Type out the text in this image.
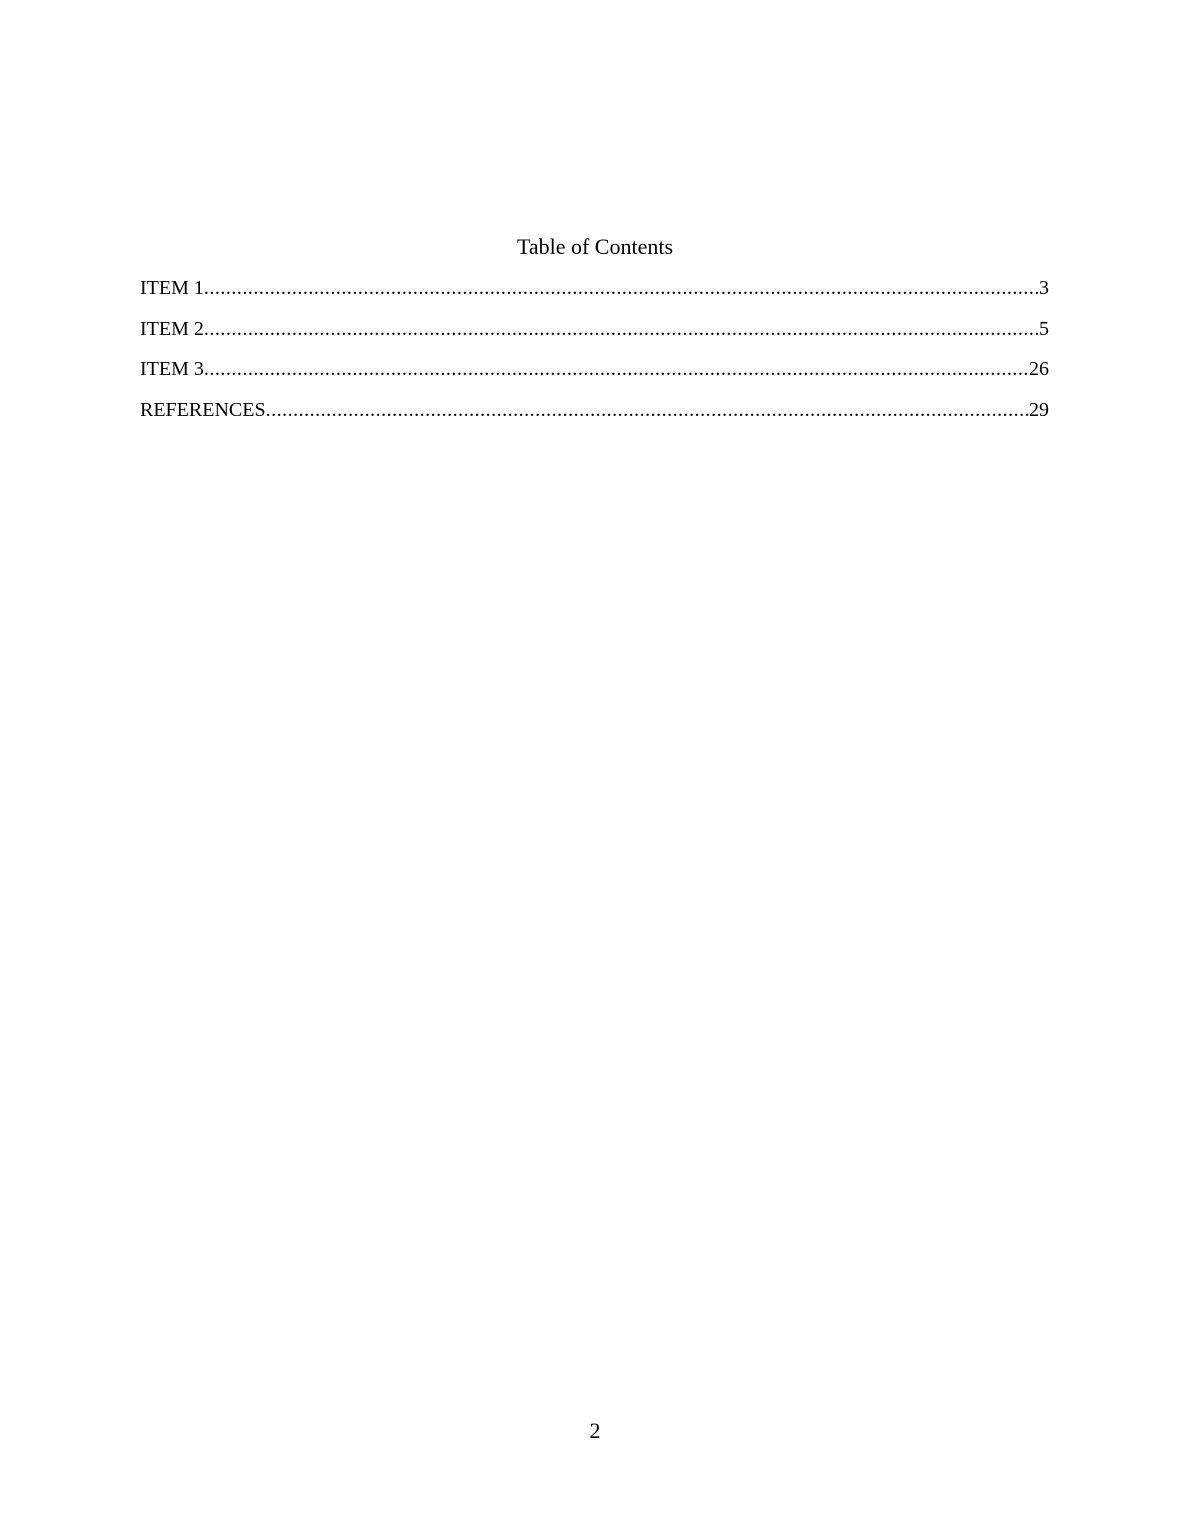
Table of Contents
ITEM 1 .....	3
ITEM 2 .....	5
ITEM 3 .....	26
REFERENCES .....	29
2
